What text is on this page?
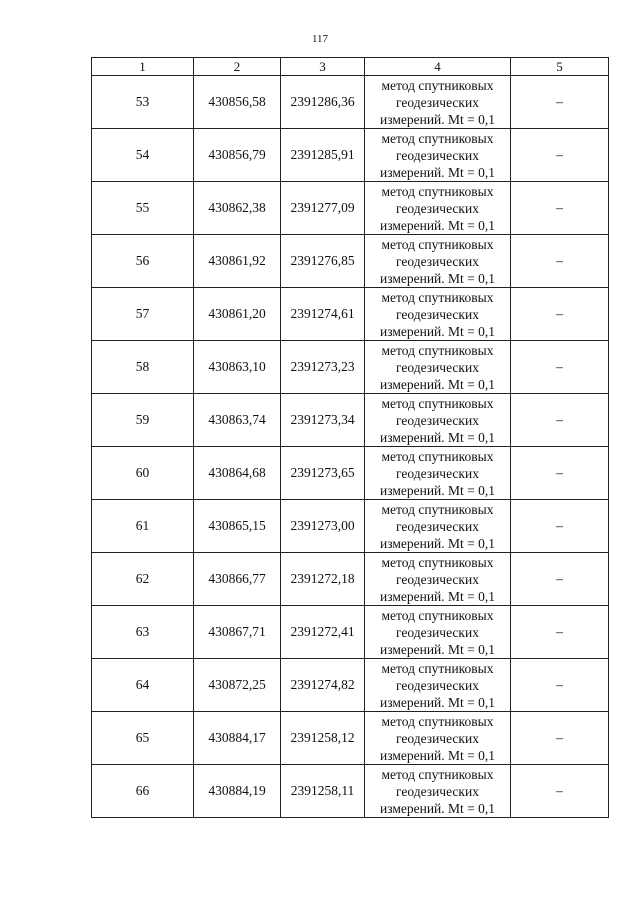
117
1	2	3	4	5
53	430856,58	2391286,36	метод спутниковых
геодезических
измерений. Mt = 0,1	–
54	430856,79	2391285,91	метод спутниковых
геодезических
измерений. Mt = 0,1	–
55	430862,38	2391277,09	метод спутниковых
геодезических
измерений. Mt = 0,1	–
56	430861,92	2391276,85	метод спутниковых
геодезических
измерений. Mt = 0,1	–
57	430861,20	2391274,61	метод спутниковых
геодезических
измерений. Mt = 0,1	–
58	430863,10	2391273,23	метод спутниковых
геодезических
измерений. Mt = 0,1	–
59	430863,74	2391273,34	метод спутниковых
геодезических
измерений. Mt = 0,1	–
60	430864,68	2391273,65	метод спутниковых
геодезических
измерений. Mt = 0,1	–
61	430865,15	2391273,00	метод спутниковых
геодезических
измерений. Mt = 0,1	–
62	430866,77	2391272,18	метод спутниковых
геодезических
измерений. Mt = 0,1	–
63	430867,71	2391272,41	метод спутниковых
геодезических
измерений. Mt = 0,1	–
64	430872,25	2391274,82	метод спутниковых
геодезических
измерений. Mt = 0,1	–
65	430884,17	2391258,12	метод спутниковых
геодезических
измерений. Mt = 0,1	–
66	430884,19	2391258,11	метод спутниковых
геодезических
измерений. Mt = 0,1	–
